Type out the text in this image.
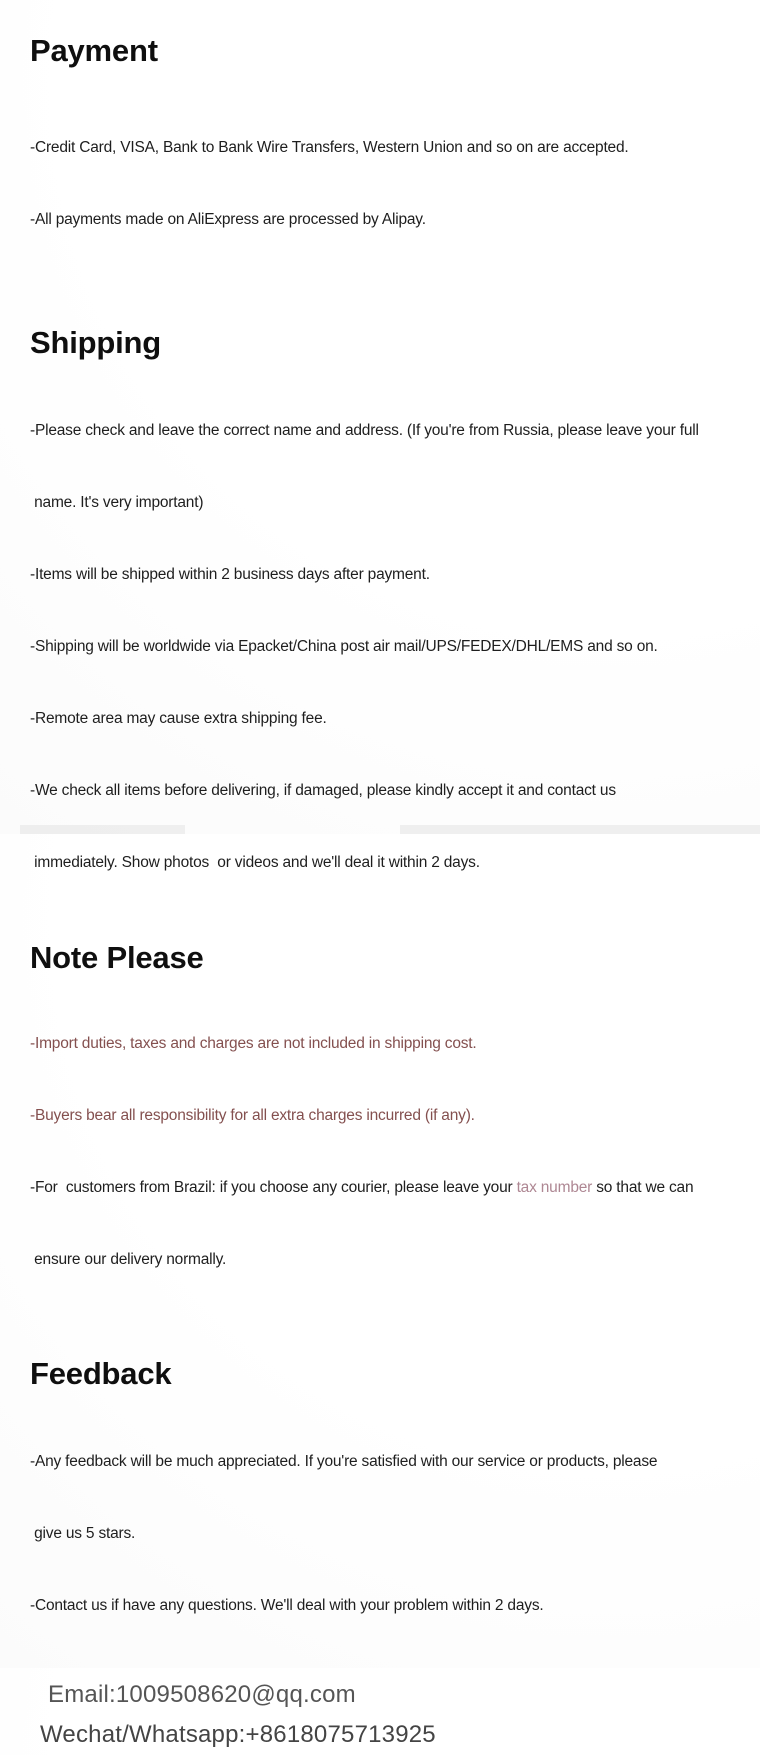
Payment

-Credit Card, VISA, Bank to Bank Wire Transfers, Western Union and so on are accepted.

-All payments made on AliExpress are processed by Alipay.

Shipping

-Please check and leave the correct name and address. (If you're from Russia, please leave your full

name. It's very important)

-Items will be shipped within 2 business days after payment.

-Shipping will be worldwide via Epacket/China post air mail/UPS/FEDEX/DHL/EMS and so on.

-Remote area may cause extra shipping fee.

-We check all items before delivering, if damaged, please kindly accept it and contact us

immediately. Show photos  or videos and we'll deal it within 2 days.

Note Please

-Import duties, taxes and charges are not included in shipping cost.

-Buyers bear all responsibility for all extra charges incurred (if any).

-For  customers from Brazil: if you choose any courier, please leave your tax number so that we can

ensure our delivery normally.

Feedback

-Any feedback will be much appreciated. If you're satisfied with our service or products, please

give us 5 stars.

-Contact us if have any questions. We'll deal with your problem within 2 days.

Email:1009508620@qq.com
Wechat/Whatsapp:+8618075713925
